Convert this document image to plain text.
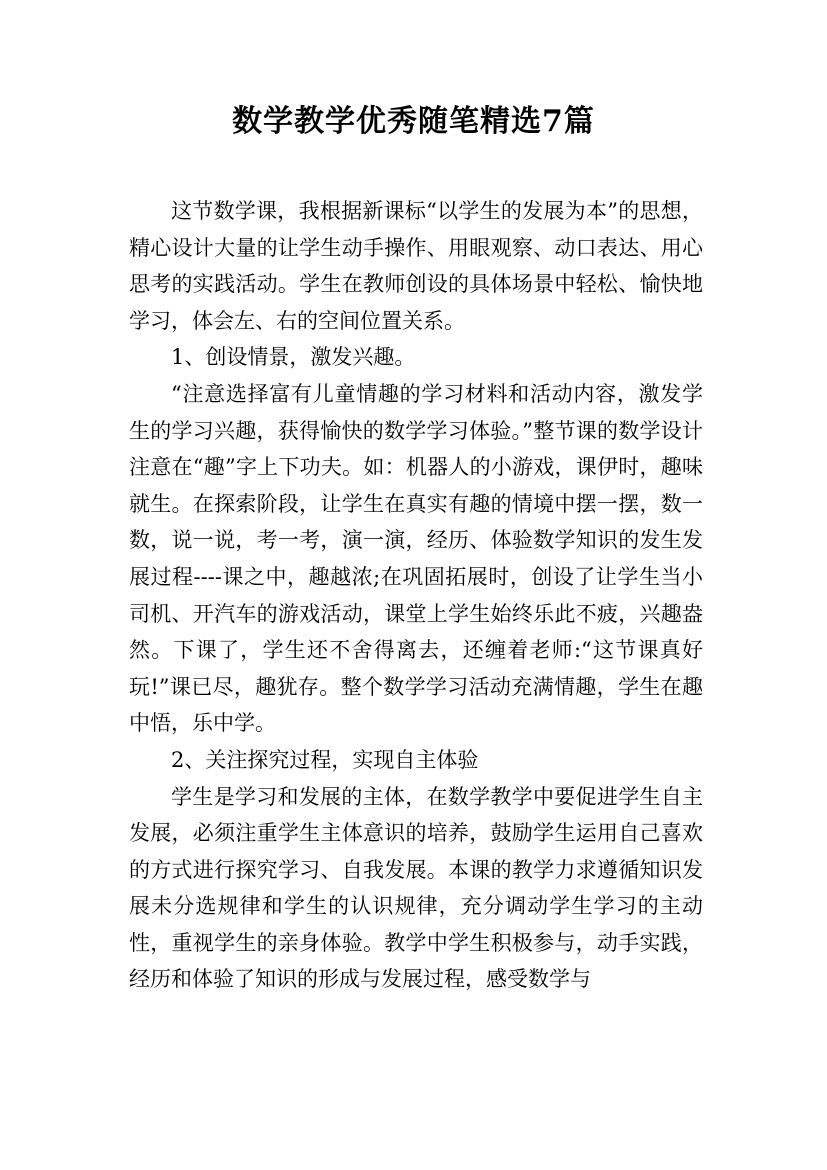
数学教学优秀随笔精选7篇

这节数学课，我根据新课标“以学生的发展为本”的思想，精心设计大量的让学生动手操作、用眼观察、动口表达、用心思考的实践活动。学生在教师创设的具体场景中轻松、愉快地学习，体会左、右的空间位置关系。

1、创设情景，激发兴趣。

“注意选择富有儿童情趣的学习材料和活动内容，激发学生的学习兴趣，获得愉快的数学学习体验。”整节课的数学设计注意在“趣”字上下功夫。如：机器人的小游戏，课伊时，趣味就生。在探索阶段，让学生在真实有趣的情境中摆一摆，数一数，说一说，考一考，演一演，经历、体验数学知识的发生发展过程----课之中，趣越浓;在巩固拓展时，创设了让学生当小司机、开汽车的游戏活动，课堂上学生始终乐此不疲，兴趣盎然。下课了，学生还不舍得离去，还缠着老师:“这节课真好玩!”课已尽，趣犹存。整个数学学习活动充满情趣，学生在趣中悟，乐中学。

2、关注探究过程，实现自主体验

学生是学习和发展的主体，在数学教学中要促进学生自主发展，必须注重学生主体意识的培养，鼓励学生运用自己喜欢的方式进行探究学习、自我发展。本课的教学力求遵循知识发展未分选规律和学生的认识规律，充分调动学生学习的主动性，重视学生的亲身体验。教学中学生积极参与，动手实践，经历和体验了知识的形成与发展过程，感受数学与
